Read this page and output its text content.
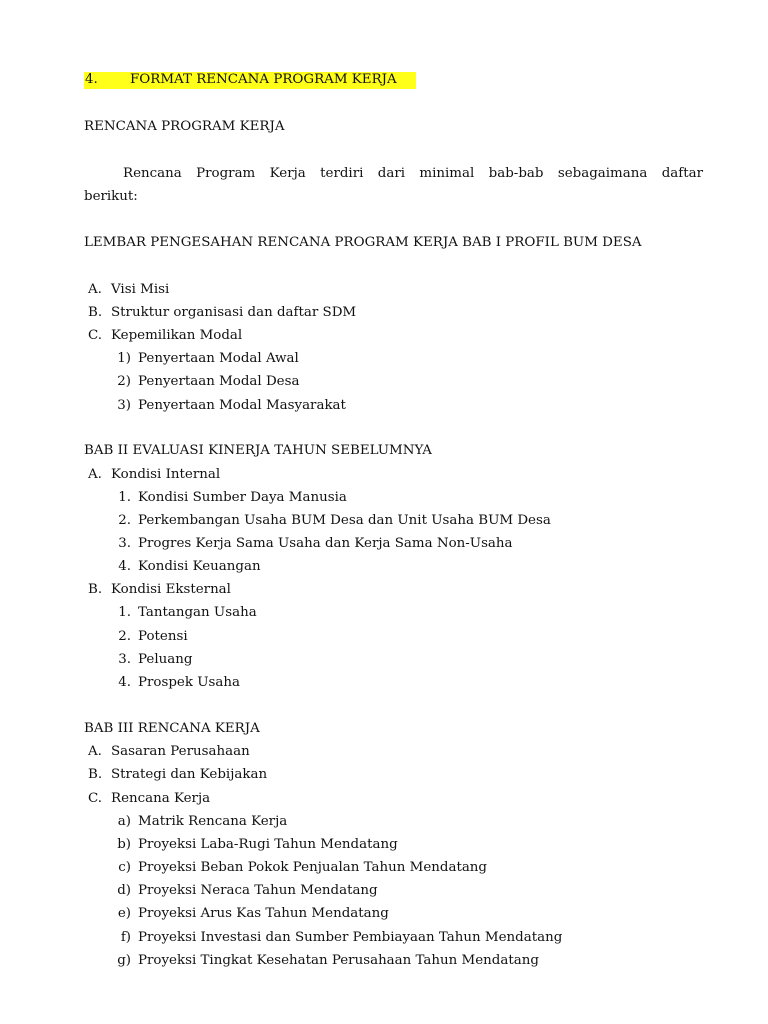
4. FORMAT RENCANA PROGRAM KERJA
RENCANA PROGRAM KERJA
Rencana Program Kerja terdiri dari minimal bab-bab sebagaimana daftar
berikut:
LEMBAR PENGESAHAN RENCANA PROGRAM KERJA BAB I PROFIL BUM DESA
A. Visi Misi
B. Struktur organisasi dan daftar SDM
C. Kepemilikan Modal
1) Penyertaan Modal Awal
2) Penyertaan Modal Desa
3) Penyertaan Modal Masyarakat
BAB II EVALUASI KINERJA TAHUN SEBELUMNYA
A. Kondisi Internal
1. Kondisi Sumber Daya Manusia
2. Perkembangan Usaha BUM Desa dan Unit Usaha BUM Desa
3. Progres Kerja Sama Usaha dan Kerja Sama Non-Usaha
4. Kondisi Keuangan
B. Kondisi Eksternal
1. Tantangan Usaha
2. Potensi
3. Peluang
4. Prospek Usaha
BAB III RENCANA KERJA
A. Sasaran Perusahaan
B. Strategi dan Kebijakan
C. Rencana Kerja
a) Matrik Rencana Kerja
b) Proyeksi Laba-Rugi Tahun Mendatang
c) Proyeksi Beban Pokok Penjualan Tahun Mendatang
d) Proyeksi Neraca Tahun Mendatang
e) Proyeksi Arus Kas Tahun Mendatang
f) Proyeksi Investasi dan Sumber Pembiayaan Tahun Mendatang
g) Proyeksi Tingkat Kesehatan Perusahaan Tahun Mendatang
